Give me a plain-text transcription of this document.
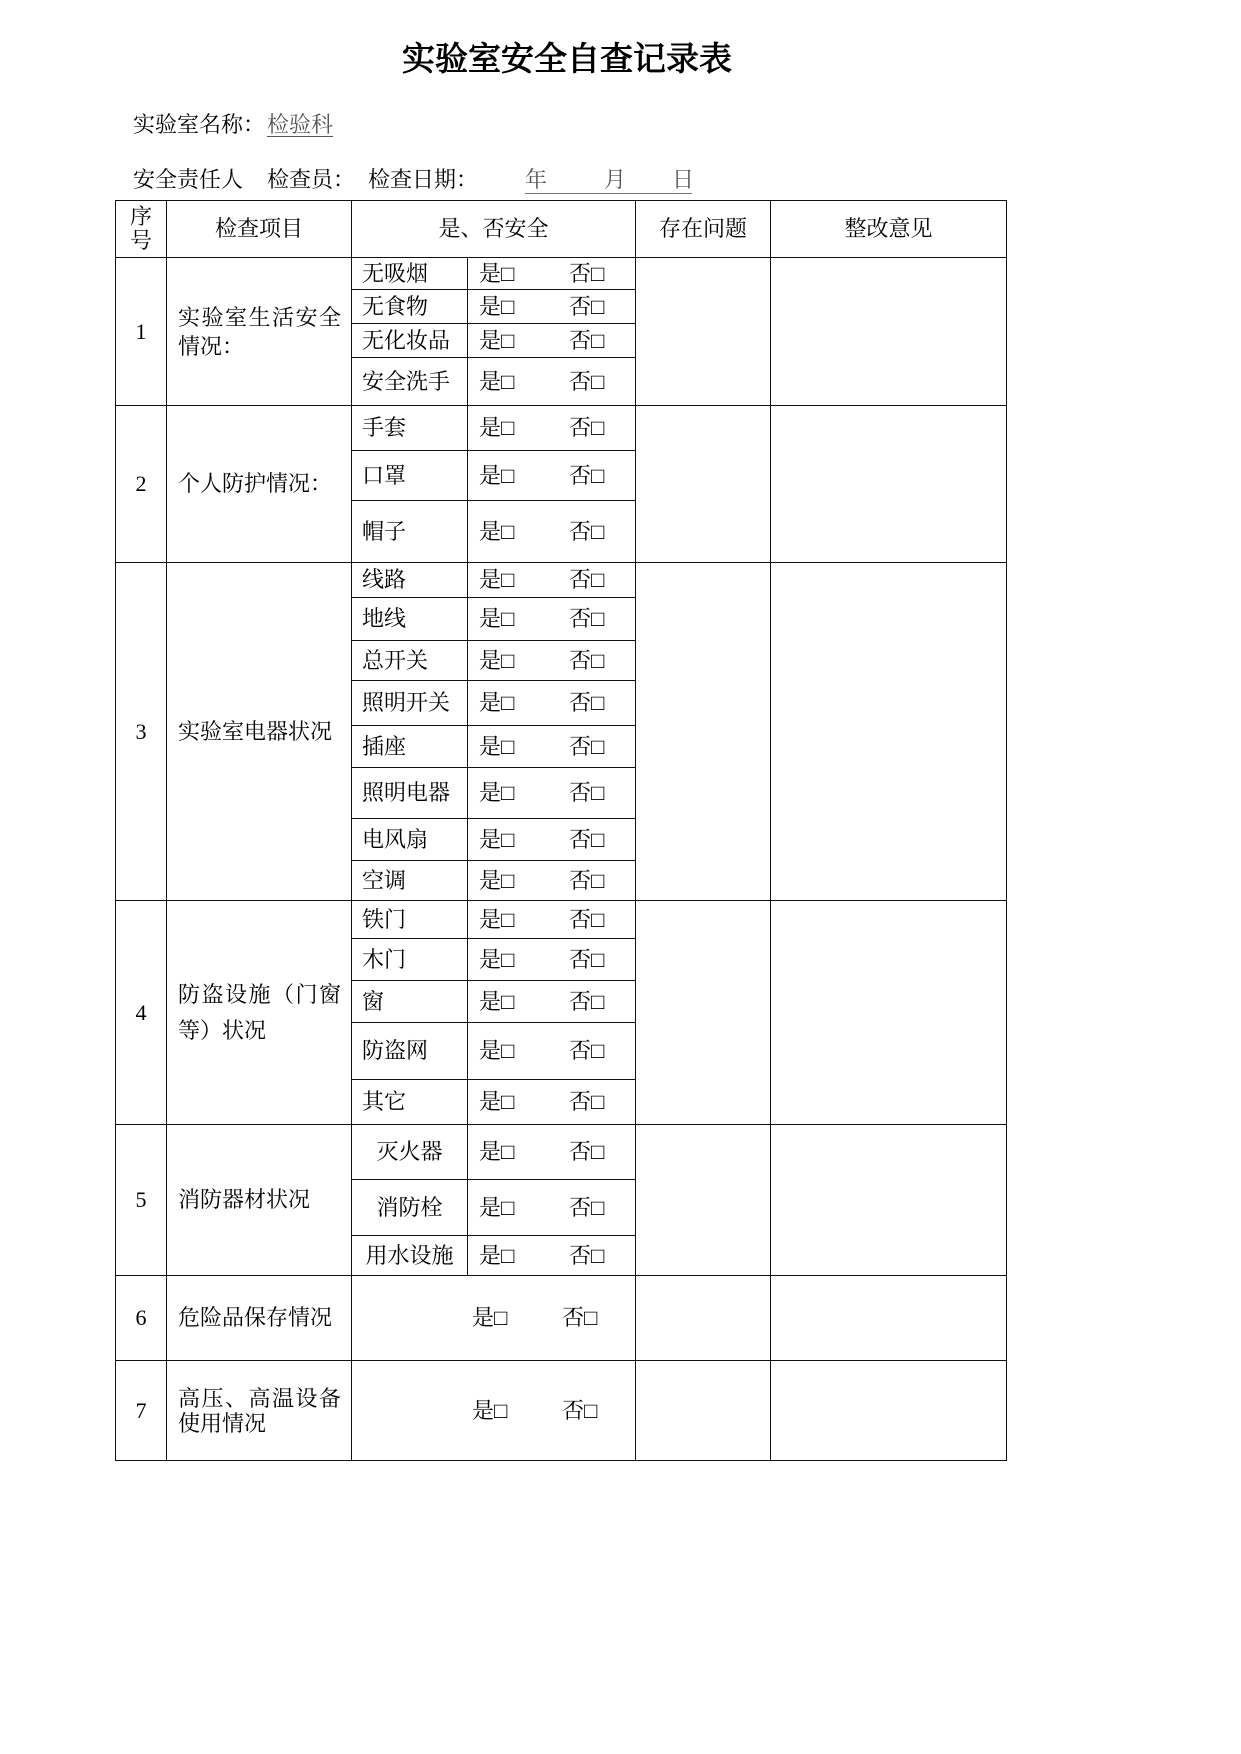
实验室安全自查记录表
实验室名称： 检验科
安全责任人 检查员： 检查日期： 年	月 日
序号	检查项目	是、否安全		存在问题	整改意见
1	实验室生活安全情况：	无吸烟	是□ 否□		
		无食物	是□ 否□		
		无化妆品	是□ 否□		
		安全洗手	是□ 否□		
2	个人防护情况：	手套	是□ 否□		
		口罩	是□ 否□		
		帽子	是□ 否□		
3	实验室电器状况	线路	是□ 否□		
		地线	是□ 否□		
		总开关	是□ 否□		
		照明开关	是□ 否□		
		插座	是□ 否□		
		照明电器	是□ 否□		
		电风扇	是□ 否□		
		空调	是□ 否□		
4	防盗设施（门窗等）状况	铁门	是□ 否□		
		木门	是□ 否□		
		窗	是□ 否□		
		防盗网	是□ 否□		
		其它	是□ 否□		
5	消防器材状况	灭火器	是□ 否□		
		消防栓	是□ 否□		
		用水设施	是□ 否□		
6	危险品保存情况	是□ 否□			
7	高压、高温设备使用情况	是□ 否□			
